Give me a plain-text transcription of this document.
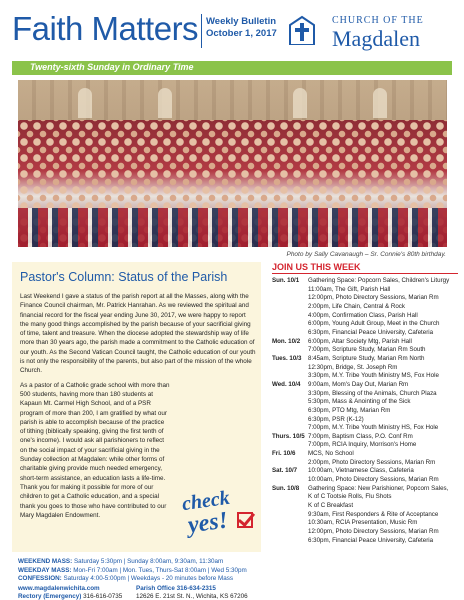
Faith Matters Weekly Bulletin
October 1, 2017
CHURCH OF THE
Magdalen
Twenty-sixth Sunday in Ordinary Time
Photo by Sally Cavanaugh – Sr. Connie's 80th birthday.
Pastor's Column: Status of the Parish

Last Weekend I gave a status of the parish report at all the Masses, along with the Finance Council chairman, Mr. Patrick Hanrahan. As we reviewed the spiritual and financial record for the fiscal year ending June 30, 2017, we were happy to report the many good things accomplished by the parish because of your sacrificial giving of time, talent and treasure. When the diocese adopted the stewardship way of life more than 30 years ago, the parish made a commitment to the Catholic education of our youth. As the Second Vatican Council taught, the Catholic education of our youth is not only the responsibility of the parents, but also part of the mission of the whole Church.

As a pastor of a Catholic grade school with more than 500 students, having more than 180 students at Kapaun Mt. Carmel High School, and of a PSR program of more than 200, I am gratified by what our parish is able to accomplish because of the practice of tithing (biblically speaking, giving the first tenth of one's income). I would ask all parishioners to reflect on the social impact of your sacrificial giving in the Sunday collection at Magdalen: while other forms of charitable giving provide much needed emergency, short-term assistance, an education lasts a life-time. Thank you for making it possible for more of our children to get a Catholic education, and a special thank you goes to those who have contributed to our Mary Magdalen Endowment.

check
yes!
WEEKEND MASS: Saturday 5:30pm | Sunday 8:00am, 9:30am, 11:30am
WEEKDAY MASS: Mon-Fri 7:00am | Mon. Tues, Thurs-Sat 8:00am | Wed 5:30pm
CONFESSION: Saturday 4:00-5:00pm | Weekdays - 20 minutes before Mass
www.magdalenwichita.com
Rectory (Emergency) 316-616-0735
Parish Office 316-634-2315
12626 E. 21st St. N., Wichita, KS 67206
JOIN US THIS WEEK
Sun. 10/1	Gathering Space: Popcorn Sales, Children's Liturgy
11:00am, The Gift, Parish Hall
12:00pm, Photo Directory Sessions, Marian Rm
2:00pm, Life Chain, Central & Rock
4:00pm, Confirmation Class, Parish Hall
6:00pm, Young Adult Group, Meet in the Church
6:30pm, Financial Peace University, Cafeteria
Mon. 10/2	6:00pm, Altar Society Mtg, Parish Hall
7:00pm, Scripture Study, Marian Rm South
Tues. 10/3	8:45am, Scripture Study, Marian Rm North
12:30pm, Bridge, St. Joseph Rm
3:30pm, M.Y. Tribe Youth Ministry MS, Fox Hole
Wed. 10/4	9:00am, Mom's Day Out, Marian Rm
3:30pm, Blessing of the Animals, Church Plaza
5:30pm, Mass & Anointing of the Sick
6:30pm, PTO Mtg, Marian Rm
6:30pm, PSR (K-12)
7:00pm, M.Y. Tribe Youth Ministry HS, Fox Hole
Thurs. 10/5 7:00pm, Baptism Class, P.O. Conf Rm
7:00pm, RCIA Inquiry, Morrison's Home
Fri. 10/6	MCS, No School
2:00pm, Photo Directory Sessions, Marian Rm
Sat. 10/7	10:00am, Vietnamese Class, Cafeteria
10:00am, Photo Directory Sessions, Marian Rm
Sun. 10/8	Gathering Space: New Parishioner, Popcorn Sales,
K of C Tootsie Rolls, Flu Shots
K of C Breakfast
9:30am, First Responders & Rite of Acceptance
10:30am, RCIA Presentation, Music Rm
12:00pm, Photo Directory Sessions, Marian Rm
6:30pm, Financial Peace University, Cafeteria
